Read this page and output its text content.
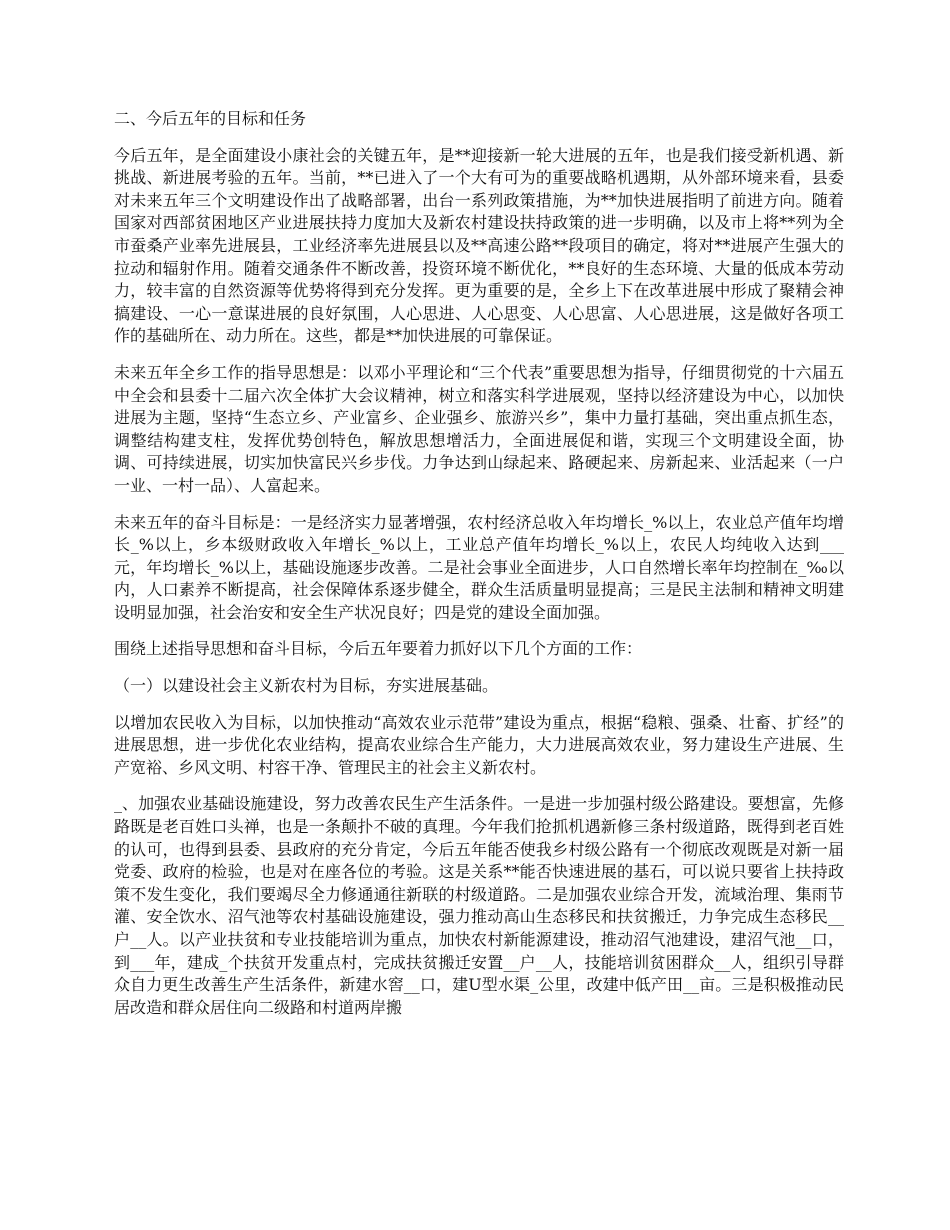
二、今后五年的目标和任务

今后五年，是全面建设小康社会的关键五年，是**迎接新一轮大进展的五年，也是我们接受新机遇、新挑战、新进展考验的五年。当前，**已进入了一个大有可为的重要战略机遇期，从外部环境来看，县委对未来五年三个文明建设作出了战略部署，出台一系列政策措施，为**加快进展指明了前进方向。随着国家对西部贫困地区产业进展扶持力度加大及新农村建设扶持政策的进一步明确，以及市上将**列为全市蚕桑产业率先进展县，工业经济率先进展县以及**高速公路**段项目的确定，将对**进展产生强大的拉动和辐射作用。随着交通条件不断改善，投资环境不断优化，**良好的生态环境、大量的低成本劳动力，较丰富的自然资源等优势将得到充分发挥。更为重要的是，全乡上下在改革进展中形成了聚精会神搞建设、一心一意谋进展的良好氛围，人心思进、人心思变、人心思富、人心思进展，这是做好各项工作的基础所在、动力所在。这些，都是**加快进展的可靠保证。

未来五年全乡工作的指导思想是：以邓小平理论和“三个代表”重要思想为指导，仔细贯彻党的十六届五中全会和县委十二届六次全体扩大会议精神，树立和落实科学进展观，坚持以经济建设为中心，以加快进展为主题，坚持“生态立乡、产业富乡、企业强乡、旅游兴乡”，集中力量打基础，突出重点抓生态，调整结构建支柱，发挥优势创特色，解放思想增活力，全面进展促和谐，实现三个文明建设全面，协调、可持续进展，切实加快富民兴乡步伐。力争达到山绿起来、路硬起来、房新起来、业活起来（一户一业、一村一品）、人富起来。

未来五年的奋斗目标是：一是经济实力显著增强，农村经济总收入年均增长_%以上，农业总产值年均增长_%以上，乡本级财政收入年增长_%以上，工业总产值年均增长_%以上，农民人均纯收入达到___元，年均增长_%以上，基础设施逐步改善。二是社会事业全面进步，人口自然增长率年均控制在_‰以内，人口素养不断提高，社会保障体系逐步健全，群众生活质量明显提高；三是民主法制和精神文明建设明显加强，社会治安和安全生产状况良好；四是党的建设全面加强。

围绕上述指导思想和奋斗目标，今后五年要着力抓好以下几个方面的工作：

（一）以建设社会主义新农村为目标，夯实进展基础。

以增加农民收入为目标，以加快推动“高效农业示范带”建设为重点，根据“稳粮、强桑、壮畜、扩经”的进展思想，进一步优化农业结构，提高农业综合生产能力，大力进展高效农业，努力建设生产进展、生产宽裕、乡风文明、村容干净、管理民主的社会主义新农村。

_、加强农业基础设施建设，努力改善农民生产生活条件。一是进一步加强村级公路建设。要想富，先修路既是老百姓口头禅，也是一条颠扑不破的真理。今年我们抢抓机遇新修三条村级道路，既得到老百姓的认可，也得到县委、县政府的充分肯定，今后五年能否使我乡村级公路有一个彻底改观既是对新一届党委、政府的检验，也是对在座各位的考验。这是关系**能否快速进展的基石，可以说只要省上扶持政策不发生变化，我们要竭尽全力修通通往新联的村级道路。二是加强农业综合开发，流域治理、集雨节灌、安全饮水、沼气池等农村基础设施建设，强力推动高山生态移民和扶贫搬迁，力争完成生态移民__户__人。以产业扶贫和专业技能培训为重点，加快农村新能源建设，推动沼气池建设，建沼气池__口，到___年，建成_个扶贫开发重点村，完成扶贫搬迁安置__户__人，技能培训贫困群众__人，组织引导群众自力更生改善生产生活条件，新建水窖__口，建U型水渠_公里，改建中低产田__亩。三是积极推动民居改造和群众居住向二级路和村道两岸搬
